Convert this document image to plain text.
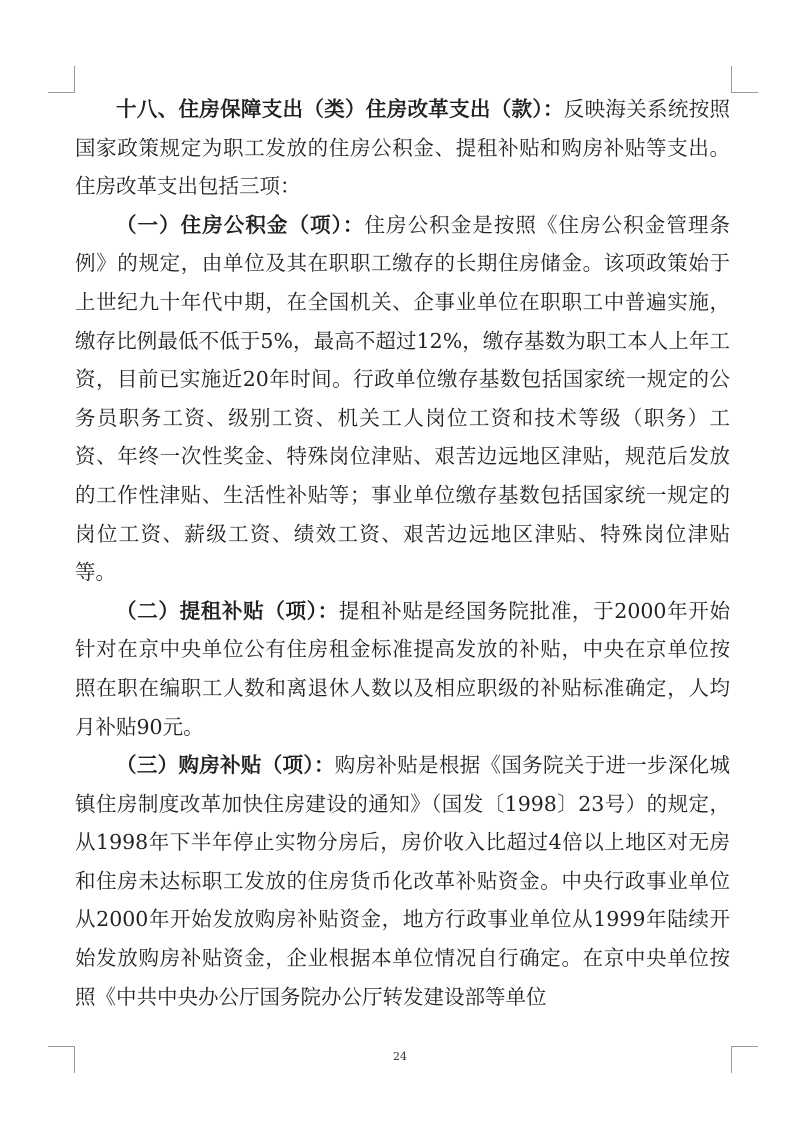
十八、住房保障支出（类）住房改革支出（款）：反映海关系统按照国家政策规定为职工发放的住房公积金、提租补贴和购房补贴等支出。住房改革支出包括三项：

（一）住房公积金（项）：住房公积金是按照《住房公积金管理条例》的规定，由单位及其在职职工缴存的长期住房储金。该项政策始于上世纪九十年代中期，在全国机关、企事业单位在职职工中普遍实施，缴存比例最低不低于5%，最高不超过12%，缴存基数为职工本人上年工资，目前已实施近20年时间。行政单位缴存基数包括国家统一规定的公务员职务工资、级别工资、机关工人岗位工资和技术等级（职务）工资、年终一次性奖金、特殊岗位津贴、艰苦边远地区津贴，规范后发放的工作性津贴、生活性补贴等；事业单位缴存基数包括国家统一规定的岗位工资、薪级工资、绩效工资、艰苦边远地区津贴、特殊岗位津贴等。

（二）提租补贴（项）：提租补贴是经国务院批准，于2000年开始针对在京中央单位公有住房租金标准提高发放的补贴，中央在京单位按照在职在编职工人数和离退休人数以及相应职级的补贴标准确定，人均月补贴90元。

（三）购房补贴（项）：购房补贴是根据《国务院关于进一步深化城镇住房制度改革加快住房建设的通知》（国发〔1998〕23号）的规定，从1998年下半年停止实物分房后，房价收入比超过4倍以上地区对无房和住房未达标职工发放的住房货币化改革补贴资金。中央行政事业单位从2000年开始发放购房补贴资金，地方行政事业单位从1999年陆续开始发放购房补贴资金，企业根据本单位情况自行确定。在京中央单位按照《中共中央办公厅国务院办公厅转发建设部等单位

24
